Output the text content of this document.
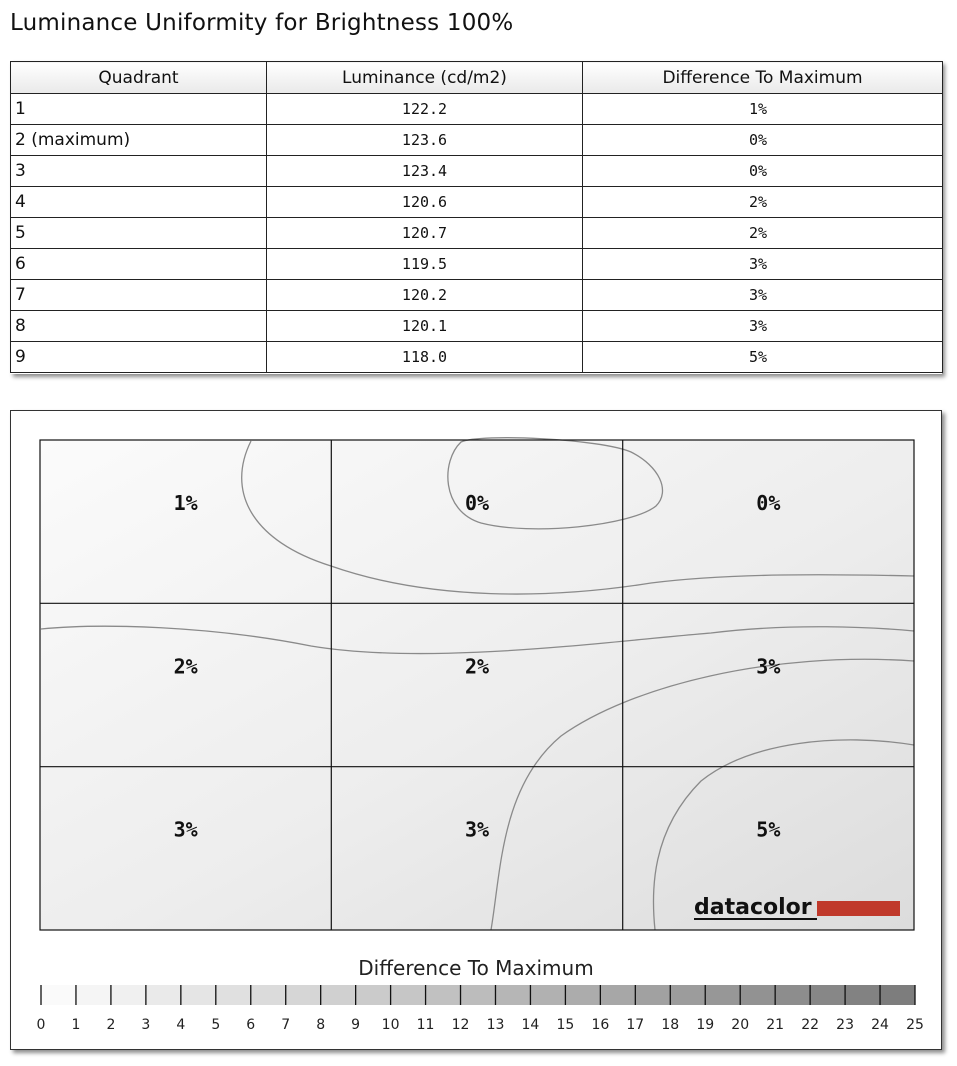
Luminance Uniformity for Brightness 100%
Quadrant	Luminance (cd/m2)	Difference To Maximum
1	122.2	1%
2 (maximum)	123.6	0%
3	123.4	0%
4	120.6	2%
5	120.7	2%
6	119.5	3%
7	120.2	3%
8	120.1	3%
9	118.0	5%
1%	0%	0%
2%	2%	3%
3%	3%	5%
datacolor
Difference To Maximum
0 1 2 3 4 5 6 7 8 9 10 11 12 13 14 15 16 17 18 19 20 21 22 23 24 25
